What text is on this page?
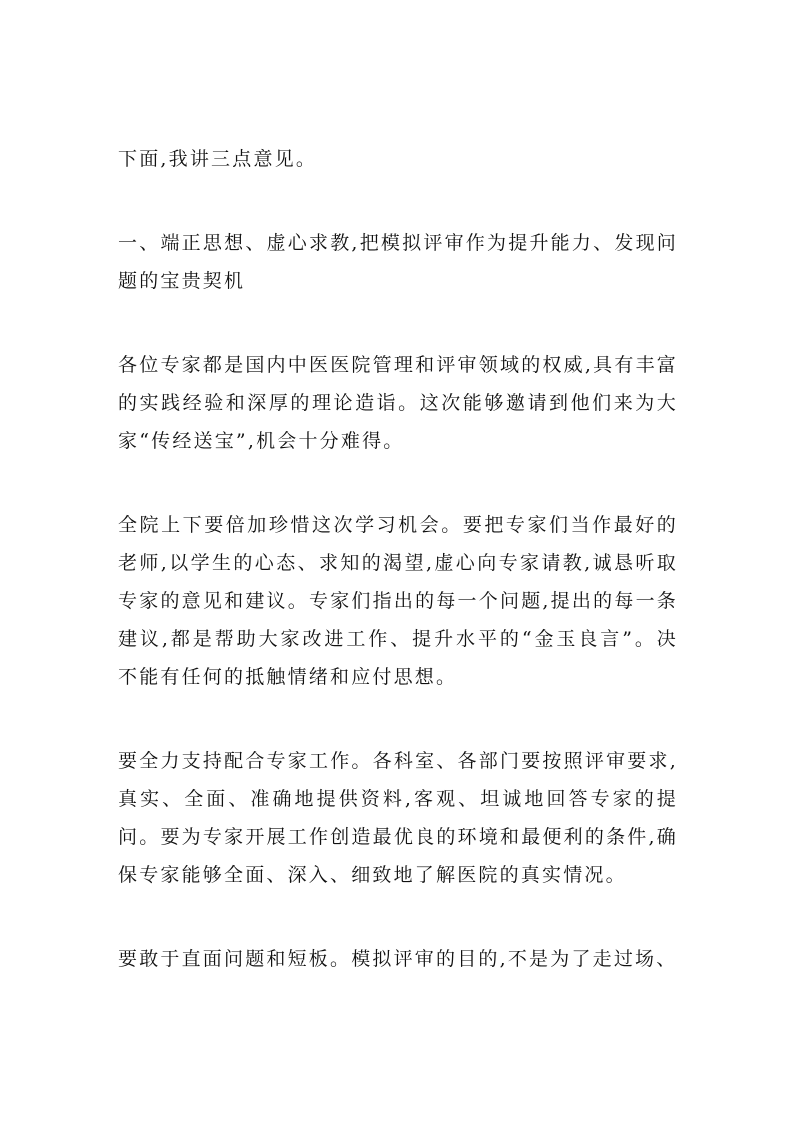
下面,我讲三点意见。

一、端正思想、虚心求教,把模拟评审作为提升能力、发现问题的宝贵契机

各位专家都是国内中医医院管理和评审领域的权威,具有丰富的实践经验和深厚的理论造诣。这次能够邀请到他们来为大家“传经送宝”,机会十分难得。

全院上下要倍加珍惜这次学习机会。要把专家们当作最好的老师,以学生的心态、求知的渴望,虚心向专家请教,诚恳听取专家的意见和建议。专家们指出的每一个问题,提出的每一条建议,都是帮助大家改进工作、提升水平的“金玉良言”。决不能有任何的抵触情绪和应付思想。

要全力支持配合专家工作。各科室、各部门要按照评审要求,真实、全面、准确地提供资料,客观、坦诚地回答专家的提问。要为专家开展工作创造最优良的环境和最便利的条件,确保专家能够全面、深入、细致地了解医院的真实情况。

要敢于直面问题和短板。模拟评审的目的,不是为了走过场、
